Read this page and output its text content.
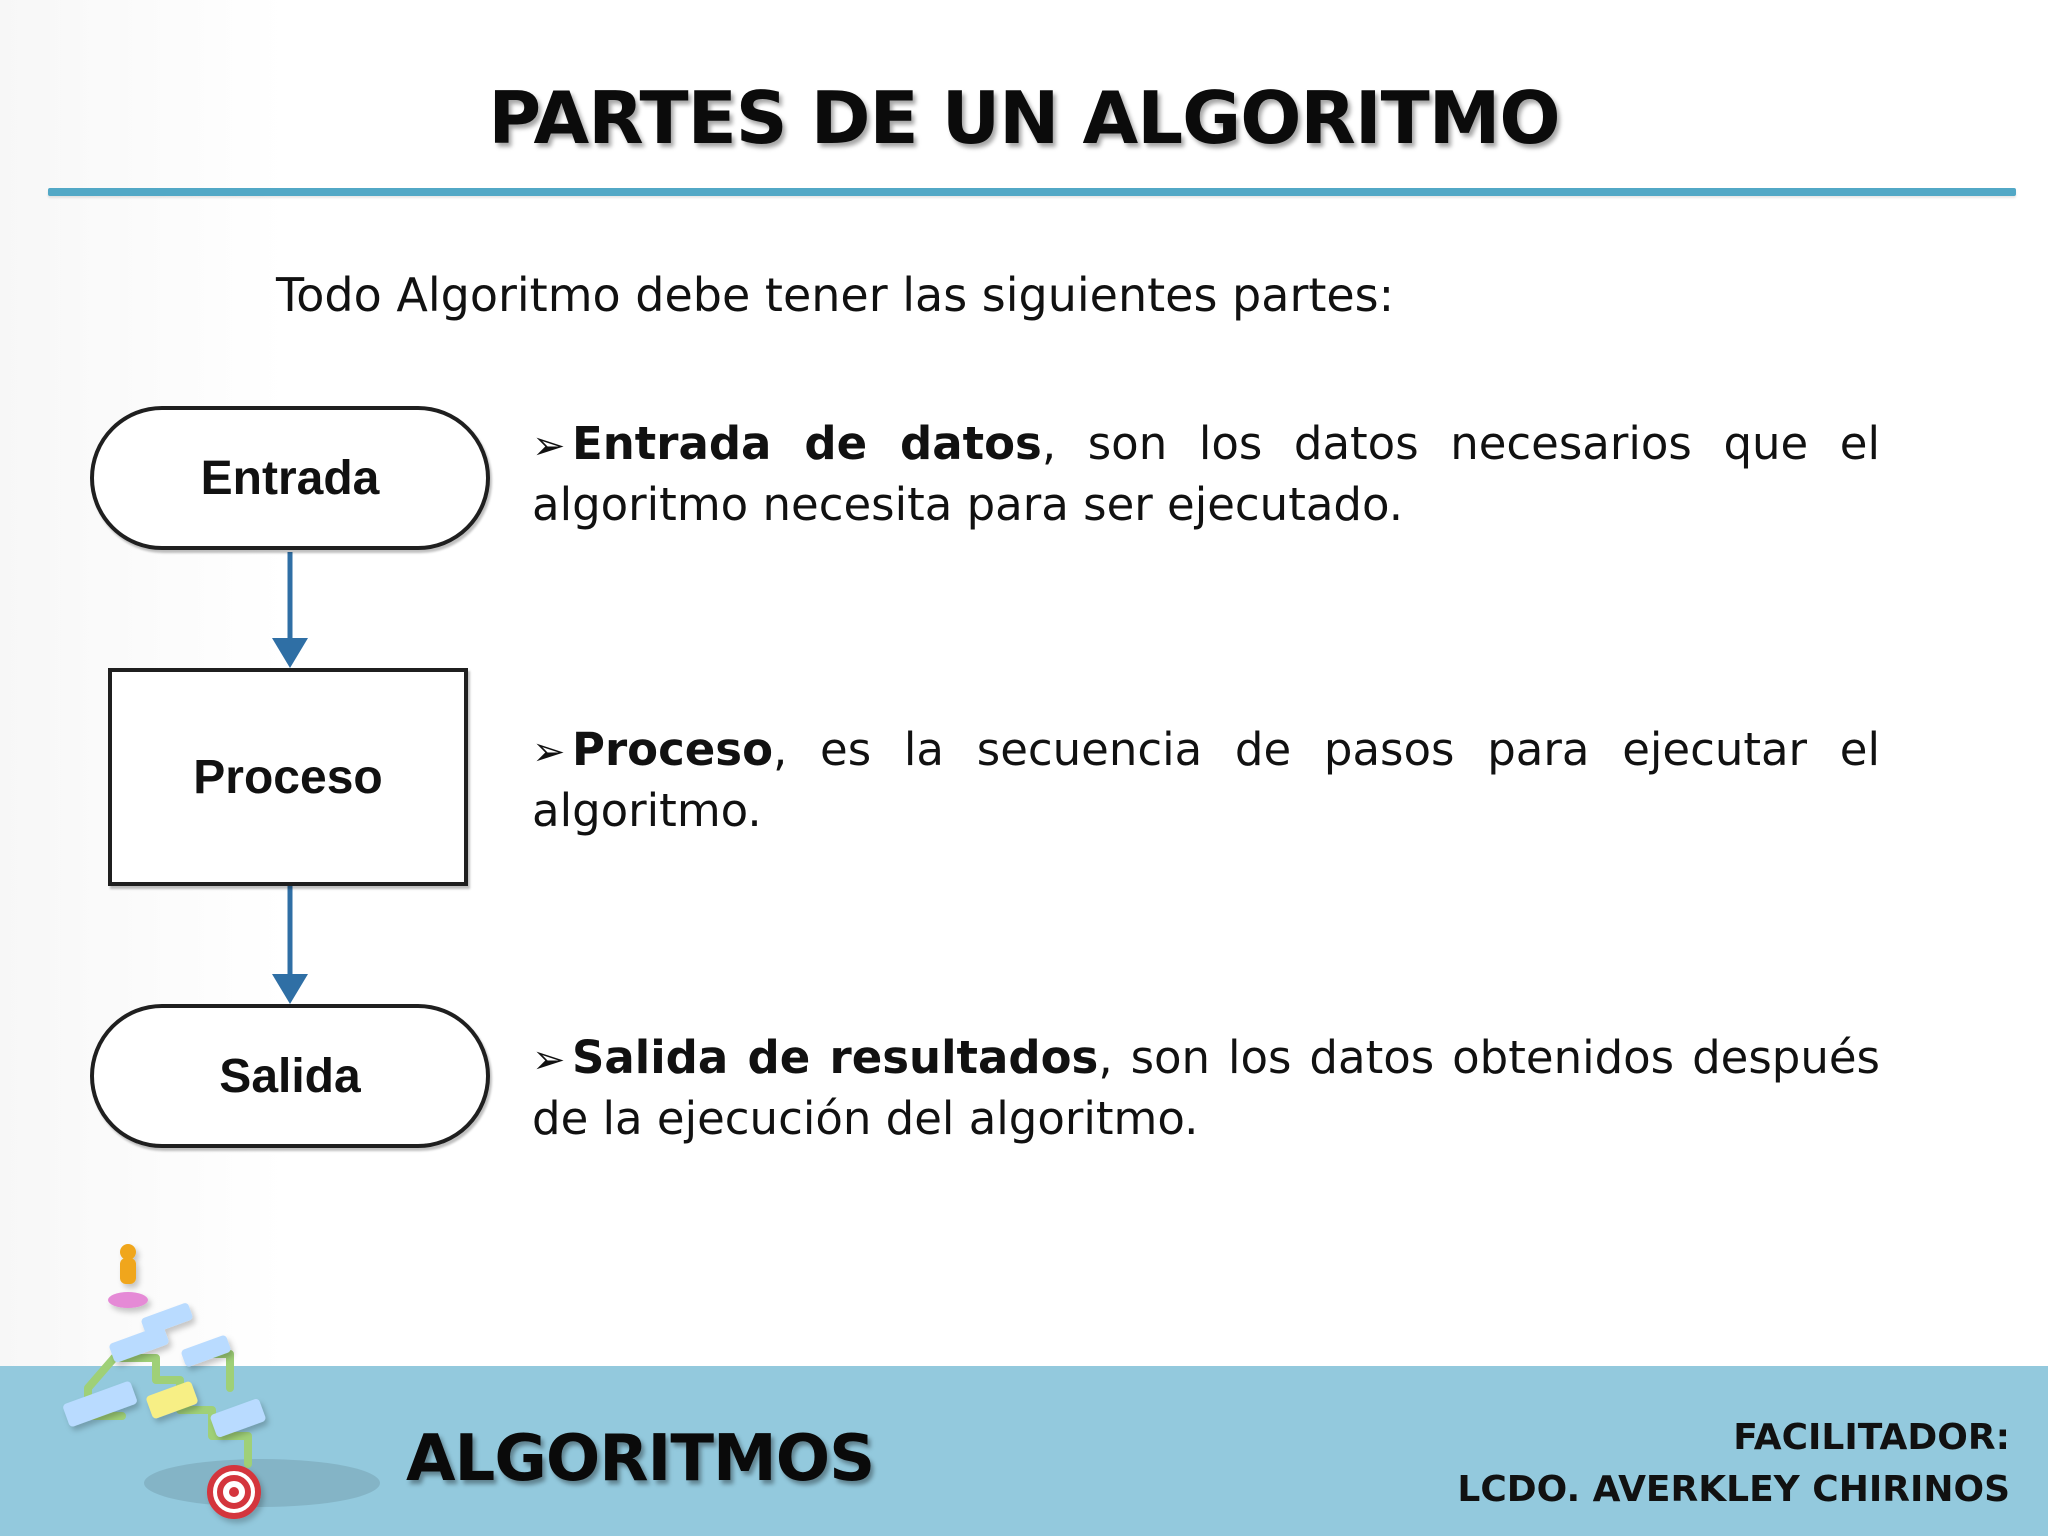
PARTES DE UN ALGORITMO
Todo Algoritmo debe tener las siguientes partes:
Entrada
Proceso
Salida
➢ Entrada de datos, son los datos necesarios que el algoritmo necesita para ser ejecutado.
➢ Proceso, es la secuencia de pasos para ejecutar el algoritmo.
➢ Salida de resultados, son los datos obtenidos después de la ejecución del algoritmo.
ALGORITMOS	FACILITADOR:
LCDO. AVERKLEY CHIRINOS
